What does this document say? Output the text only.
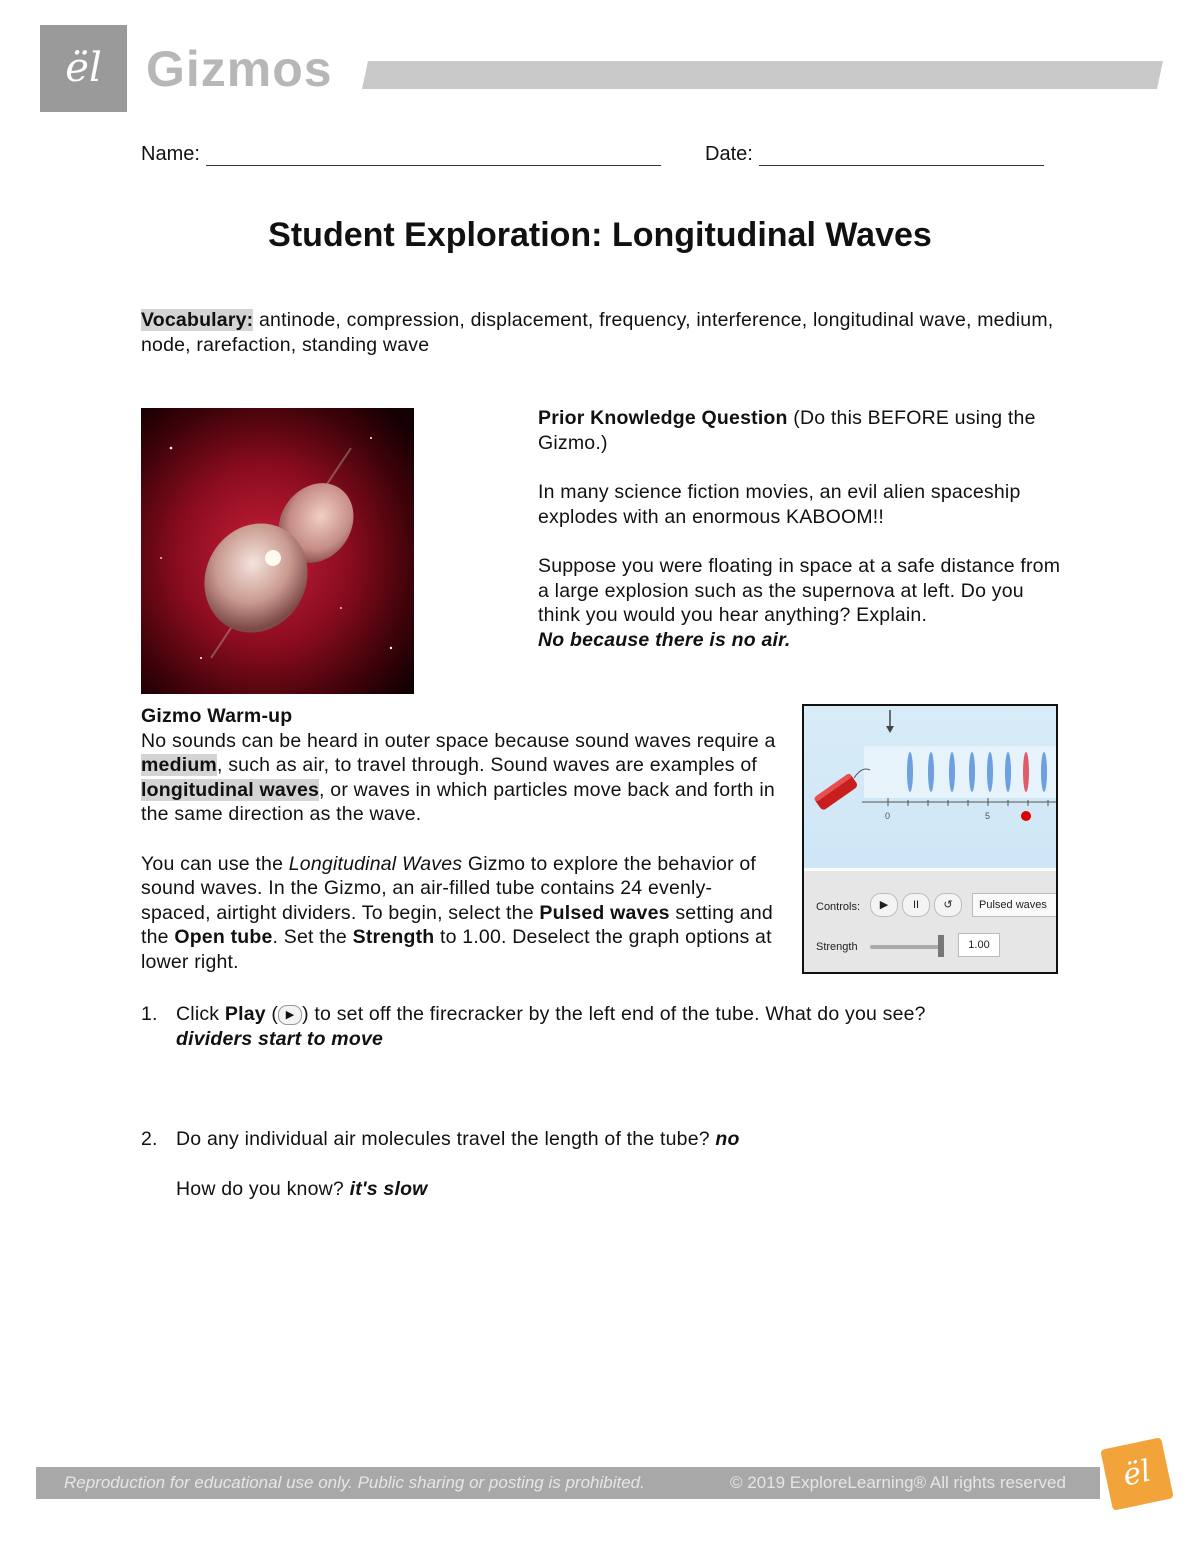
ël Gizmos
Name:	Date:
Student Exploration: Longitudinal Waves
Vocabulary: antinode, compression, displacement, frequency, interference, longitudinal wave, medium, node, rarefaction, standing wave

Prior Knowledge Question (Do this BEFORE using the Gizmo.)

In many science fiction movies, an evil alien spaceship explodes with an enormous KABOOM!!

Suppose you were floating in space at a safe distance from a large explosion such as the supernova at left. Do you think you would you hear anything? Explain.

No because there is no air.
Gizmo Warm-up

No sounds can be heard in outer space because sound waves require a medium, such as air, to travel through. Sound waves are examples of longitudinal waves, or waves in which particles move back and forth in the same direction as the wave.

You can use the Longitudinal Waves Gizmo to explore the behavior of sound waves. In the Gizmo, an air-filled tube contains 24 evenly-spaced, airtight dividers. To begin, select the Pulsed waves setting and the Open tube. Set the Strength to 1.00. Deselect the graph options at lower right.

0	5
Controls:	▶	II	↺	Pulsed waves
Strength	1.00
1. Click Play ( ▶ ) to set off the firecracker by the left end of the tube. What do you see?
dividers start to move
2. Do any individual air molecules travel the length of the tube? no
How do you know? it's slow
Reproduction for educational use only. Public sharing or posting is prohibited.	© 2019 ExploreLearning® All rights reserved	ël
